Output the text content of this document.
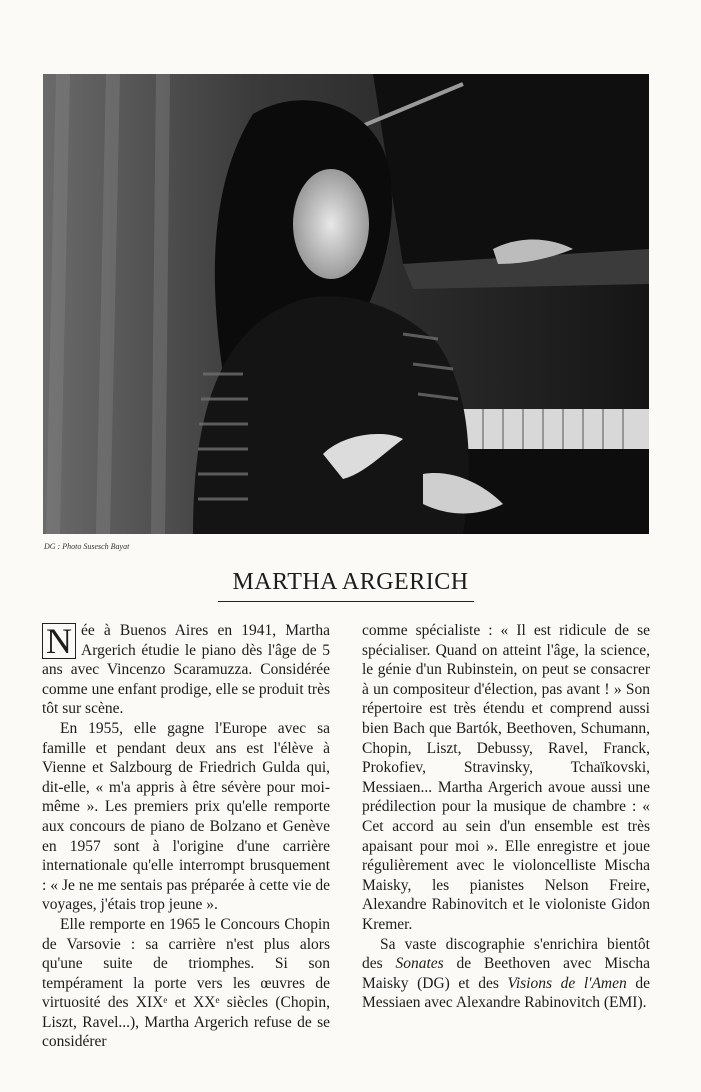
DG : Photo Susesch Bayat
MARTHA ARGERICH

N ée à Buenos Aires en 1941, Martha Argerich étudie le piano dès l'âge de 5 ans avec Vincenzo Scaramuzza. Considérée comme une enfant prodige, elle se produit très tôt sur scène.

En 1955, elle gagne l'Europe avec sa famille et pendant deux ans est l'élève à Vienne et Salzbourg de Friedrich Gulda qui, dit-elle, « m'a appris à être sévère pour moi-même ». Les premiers prix qu'elle remporte aux concours de piano de Bolzano et Genève en 1957 sont à l'origine d'une carrière internationale qu'elle interrompt brusquement : « Je ne me sentais pas préparée à cette vie de voyages, j'étais trop jeune ».

Elle remporte en 1965 le Concours Chopin de Varsovie : sa carrière n'est plus alors qu'une suite de triomphes. Si son tempérament la porte vers les œuvres de virtuosité des XIXᵉ et XXᵉ siècles (Chopin, Liszt, Ravel...), Martha Argerich refuse de se considérer

comme spécialiste : « Il est ridicule de se spécialiser. Quand on atteint l'âge, la science, le génie d'un Rubinstein, on peut se consacrer à un compositeur d'élection, pas avant ! » Son répertoire est très étendu et comprend aussi bien Bach que Bartók, Beethoven, Schumann, Chopin, Liszt, Debussy, Ravel, Franck, Prokofiev, Stravinsky, Tchaïkovski, Messiaen... Martha Argerich avoue aussi une prédilection pour la musique de chambre : « Cet accord au sein d'un ensemble est très apaisant pour moi ». Elle enregistre et joue régulièrement avec le violoncelliste Mischa Maisky, les pianistes Nelson Freire, Alexandre Rabinovitch et le violoniste Gidon Kremer.

Sa vaste discographie s'enrichira bientôt des Sonates de Beethoven avec Mischa Maisky (DG) et des Visions de l'Amen de Messiaen avec Alexandre Rabinovitch (EMI).
